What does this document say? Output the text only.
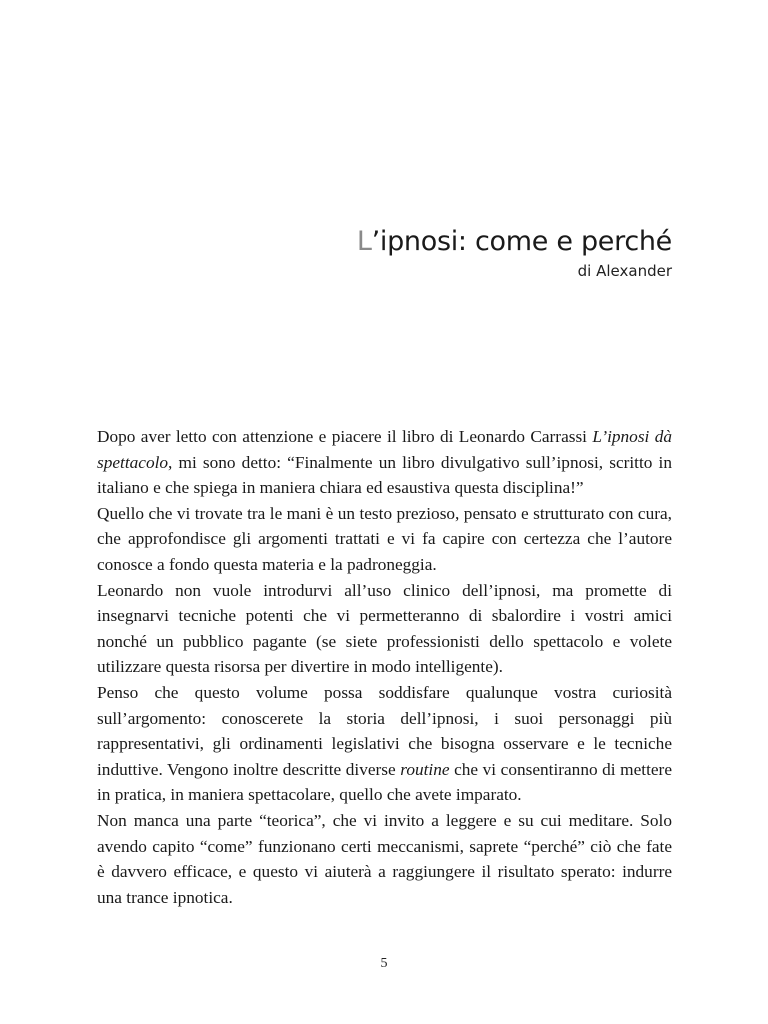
L’ipnosi: come e perché
di Alexander

Dopo aver letto con attenzione e piacere il libro di Leonardo Carrassi L’ipnosi dà spettacolo, mi sono detto: “Finalmente un libro divulgativo sull’ipnosi, scritto in italiano e che spiega in maniera chiara ed esaustiva questa disciplina!”

Quello che vi trovate tra le mani è un testo prezioso, pensato e strutturato con cura, che approfondisce gli argomenti trattati e vi fa capire con certezza che l’autore conosce a fondo questa materia e la padroneggia.

Leonardo non vuole introdurvi all’uso clinico dell’ipnosi, ma promette di insegnarvi tecniche potenti che vi permetteranno di sbalordire i vostri amici nonché un pubblico pagante (se siete professionisti dello spettacolo e volete utilizzare questa risorsa per divertire in modo intelligente).

Penso che questo volume possa soddisfare qualunque vostra curiosità sull’argomento: conoscerete la storia dell’ipnosi, i suoi personaggi più rappresentativi, gli ordinamenti legislativi che bisogna osservare e le tecniche induttive. Vengono inoltre descritte diverse routine che vi consentiranno di mettere in pratica, in maniera spettacolare, quello che avete imparato.

Non manca una parte “teorica”, che vi invito a leggere e su cui meditare. Solo avendo capito “come” funzionano certi meccanismi, saprete “perché” ciò che fate è davvero efficace, e questo vi aiuterà a raggiungere il risultato sperato: indurre una trance ipnotica.

5
